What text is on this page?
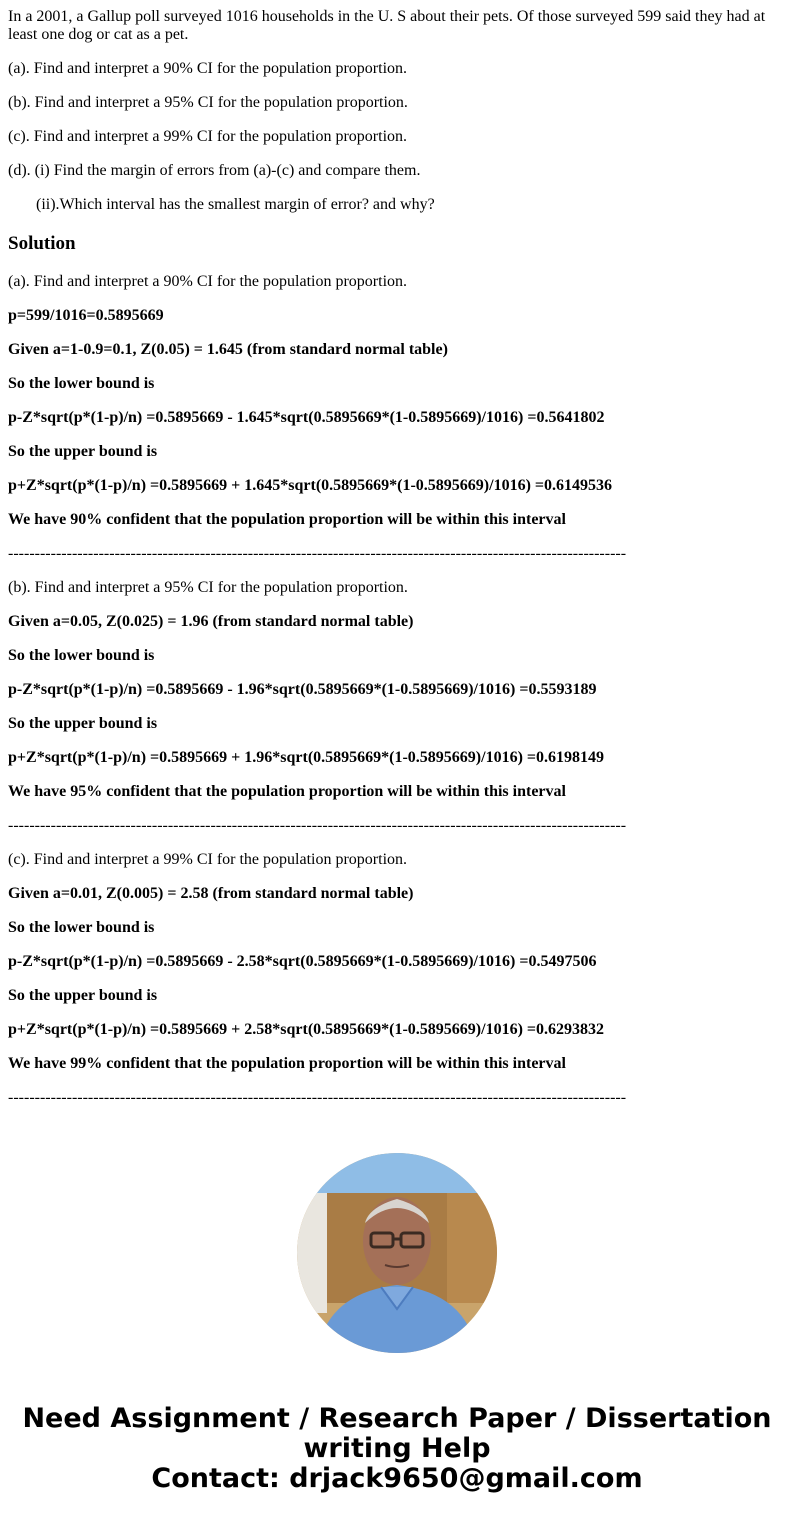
In a 2001, a Gallup poll surveyed 1016 households in the U. S about their pets. Of those surveyed 599 said they had at least one dog or cat as a pet.

(a). Find and interpret a 90% CI for the population proportion.

(b). Find and interpret a 95% CI for the population proportion.

(c). Find and interpret a 99% CI for the population proportion.

(d). (i) Find the margin of errors from (a)-(c) and compare them.

(ii).Which interval has the smallest margin of error? and why?

Solution

(a). Find and interpret a 90% CI for the population proportion.

p=599/1016=0.5895669

Given a=1-0.9=0.1, Z(0.05) = 1.645 (from standard normal table)

So the lower bound is

p-Z*sqrt(p*(1-p)/n) =0.5895669 - 1.645*sqrt(0.5895669*(1-0.5895669)/1016) =0.5641802

So the upper bound is

p+Z*sqrt(p*(1-p)/n) =0.5895669 + 1.645*sqrt(0.5895669*(1-0.5895669)/1016) =0.6149536

We have 90% confident that the population proportion will be within this interval

--------------------------------------------------------------------------------------------------------------------

(b). Find and interpret a 95% CI for the population proportion.

Given a=0.05, Z(0.025) = 1.96 (from standard normal table)

So the lower bound is

p-Z*sqrt(p*(1-p)/n) =0.5895669 - 1.96*sqrt(0.5895669*(1-0.5895669)/1016) =0.5593189

So the upper bound is

p+Z*sqrt(p*(1-p)/n) =0.5895669 + 1.96*sqrt(0.5895669*(1-0.5895669)/1016) =0.6198149

We have 95% confident that the population proportion will be within this interval

--------------------------------------------------------------------------------------------------------------------

(c). Find and interpret a 99% CI for the population proportion.

Given a=0.01, Z(0.005) = 2.58 (from standard normal table)

So the lower bound is

p-Z*sqrt(p*(1-p)/n) =0.5895669 - 2.58*sqrt(0.5895669*(1-0.5895669)/1016) =0.5497506

So the upper bound is

p+Z*sqrt(p*(1-p)/n) =0.5895669 + 2.58*sqrt(0.5895669*(1-0.5895669)/1016) =0.6293832

We have 99% confident that the population proportion will be within this interval

--------------------------------------------------------------------------------------------------------------------
Need Assignment / Research Paper / Dissertation
writing Help
Contact: drjack9650@gmail.com
